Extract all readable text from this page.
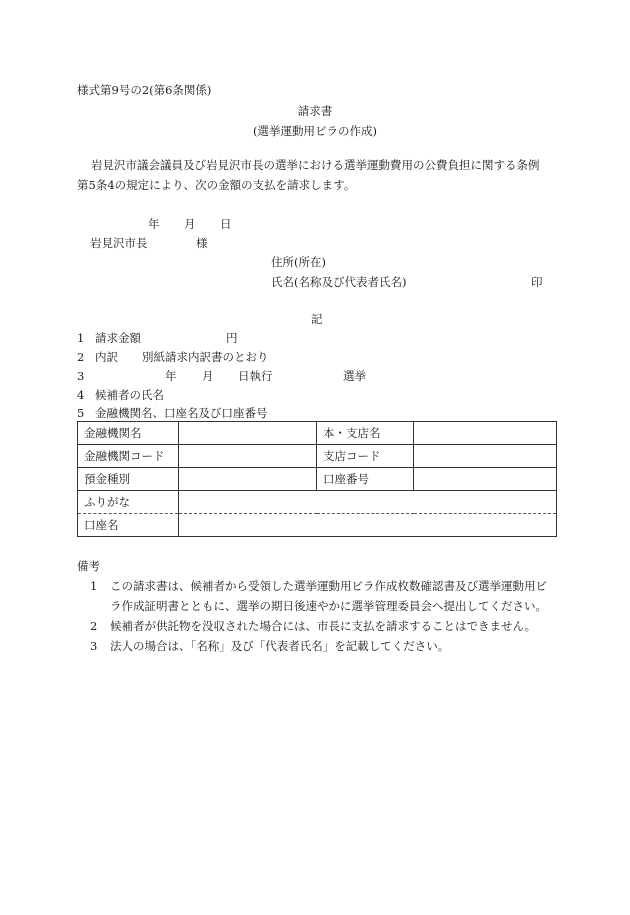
様式第9号の2(第6条関係)
請求書
(選挙運動用ビラの作成)
岩見沢市議会議員及び岩見沢市長の選挙における選挙運動費用の公費負担に関する条例
第5条4の規定により、次の金額の支払を請求します。
年 月 日
岩見沢市長	様
住所(所在)
氏名(名称及び代表者氏名)	印
記
1 請求金額	円
2 内訳 別紙請求内訳書のとおり
3	年 月 日執行	選挙
4 候補者の氏名
5 金融機関名、口座名及び口座番号
金融機関名		本・支店名	
金融機関コード		支店コード	
預金種別		口座番号	
ふりがな			
口座名			
備考
1 この請求書は、候補者から受領した選挙運動用ビラ作成枚数確認書及び選挙運動用ビ
ラ作成証明書とともに、選挙の期日後速やかに選挙管理委員会へ提出してください。
2 候補者が供託物を没収された場合には、市長に支払を請求することはできません。
3 法人の場合は、「名称」及び「代表者氏名」を記載してください。
